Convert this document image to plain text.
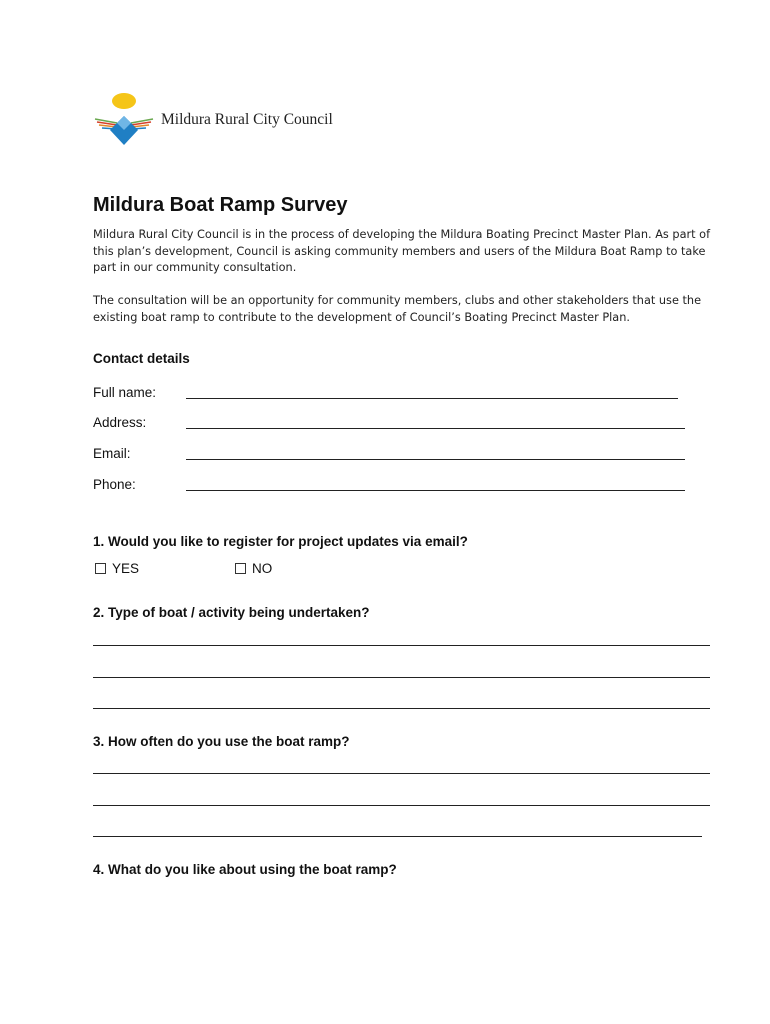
Mildura Rural City Council
Mildura Boat Ramp Survey
Mildura Rural City Council is in the process of developing the Mildura Boating Precinct Master Plan. As part of this plan’s development, Council is asking community members and users of the Mildura Boat Ramp to take part in our community consultation.
The consultation will be an opportunity for community members, clubs and other stakeholders that use the existing boat ramp to contribute to the development of Council’s Boating Precinct Master Plan.
Contact details
Full name:
Address:
Email:
Phone:
1. Would you like to register for project updates via email?
YES	NO
2. Type of boat / activity being undertaken?
3. How often do you use the boat ramp?
4. What do you like about using the boat ramp?
